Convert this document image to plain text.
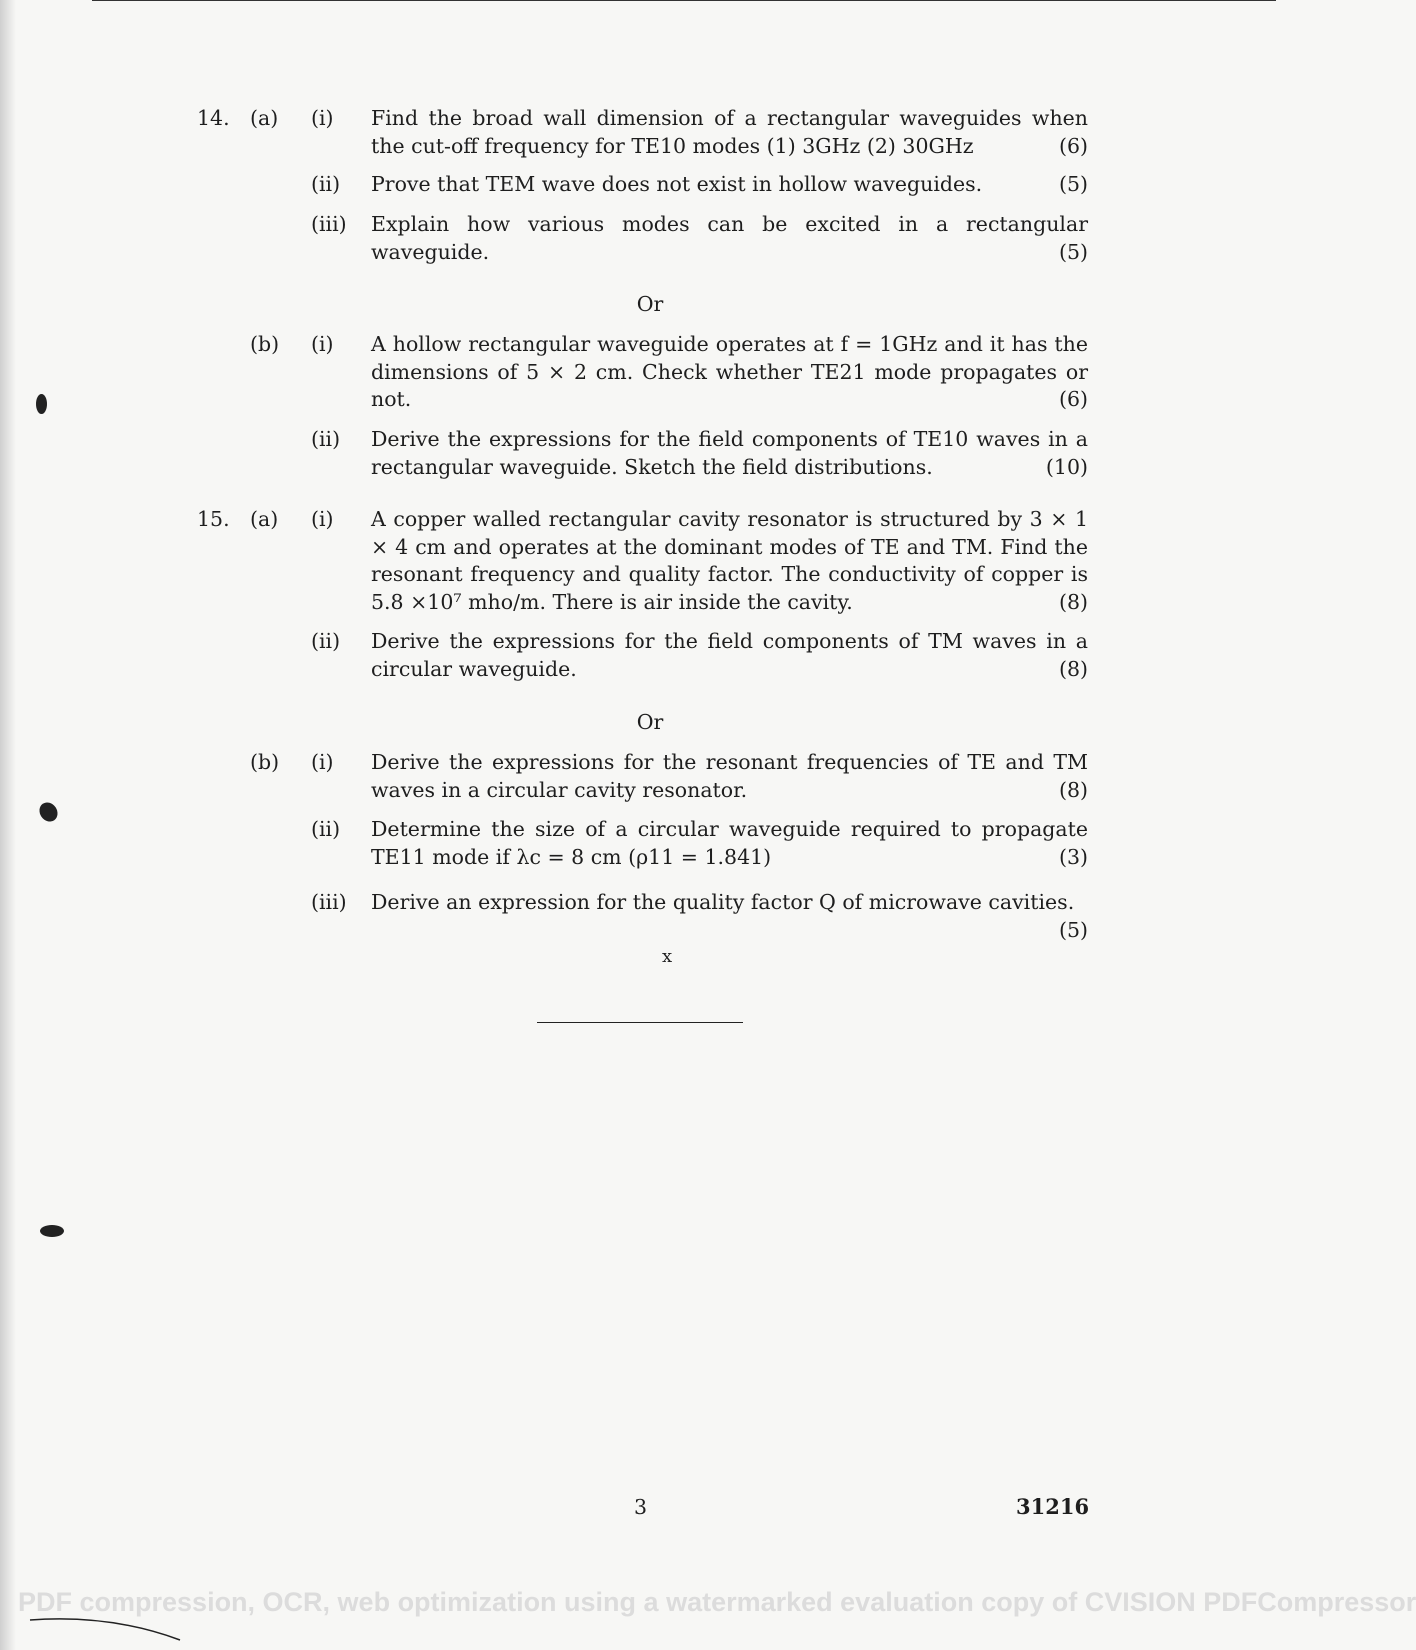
14. (a)	(i)	Find the broad wall dimension of a rectangular waveguides when the cut-off frequency for TE10 modes (1) 3GHz (2) 30GHz	(6)
(ii)	Prove that TEM wave does not exist in hollow waveguides.	(5)
(iii)	Explain how various modes can be excited in a rectangular waveguide.	(5)
Or
(b)	(i)	A hollow rectangular waveguide operates at f = 1GHz and it has the dimensions of 5 × 2 cm. Check whether TE21 mode propagates or not.	(6)
(ii)	Derive the expressions for the field components of TE10 waves in a rectangular waveguide. Sketch the field distributions.	(10)
15. (a)	(i)	A copper walled rectangular cavity resonator is structured by 3 × 1 × 4 cm and operates at the dominant modes of TE and TM. Find the resonant frequency and quality factor. The conductivity of copper is 5.8 ×10⁷ mho/m. There is air inside the cavity.	(8)
(ii)	Derive the expressions for the field components of TM waves in a circular waveguide.	(8)
Or
(b)	(i)	Derive the expressions for the resonant frequencies of TE and TM waves in a circular cavity resonator.	(8)
(ii)	Determine the size of a circular waveguide required to propagate TE11 mode if λc = 8 cm (ρ11 = 1.841)	(3)
(iii)	Derive an expression for the quality factor Q of microwave cavities.
(5)
x
3	31216
PDF compression, OCR, web optimization using a watermarked evaluation copy of CVISION PDFCompressor
